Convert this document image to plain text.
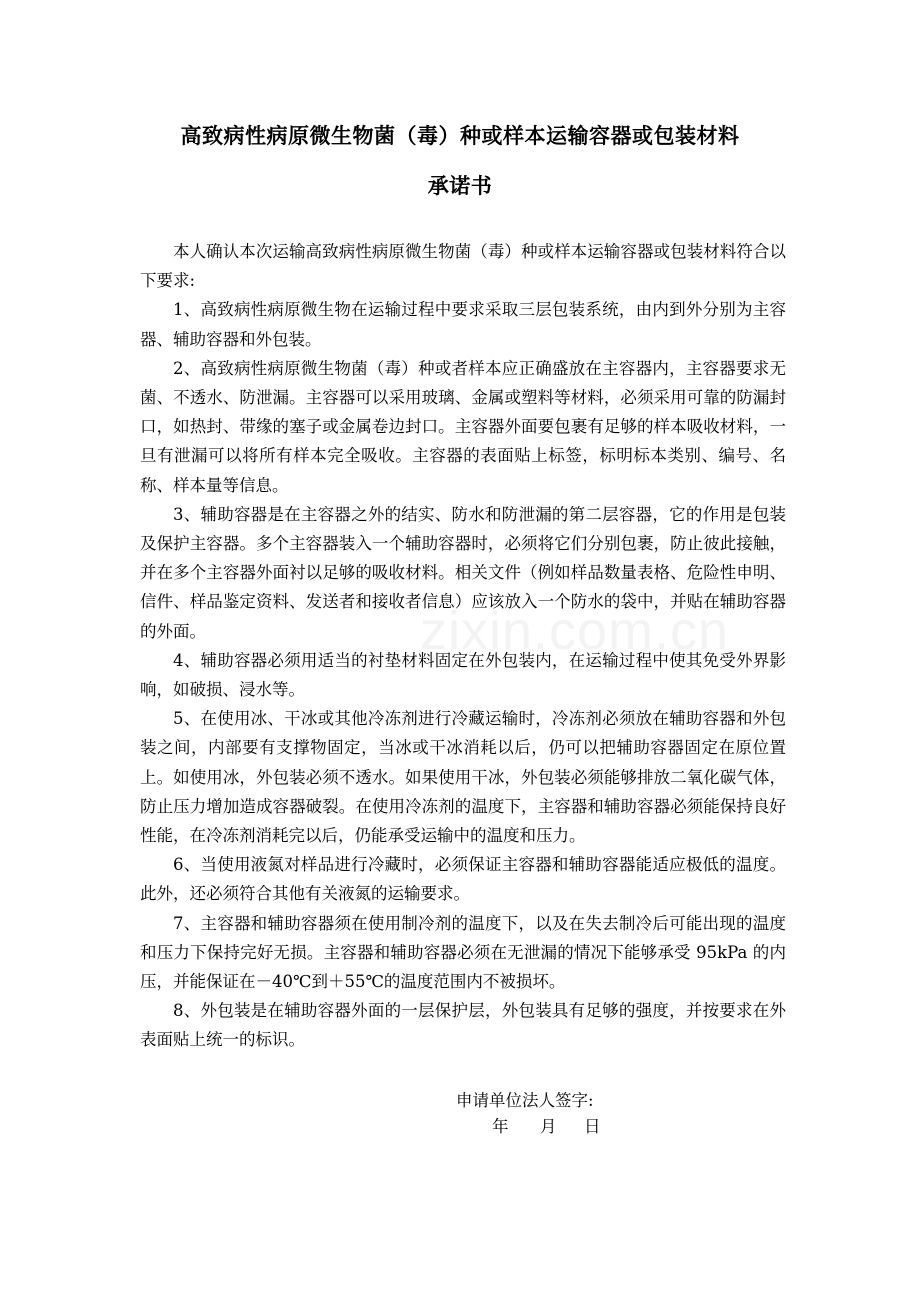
高致病性病原微生物菌（毒）种或样本运输容器或包装材料
承诺书

本人确认本次运输高致病性病原微生物菌（毒）种或样本运输容器或包装材料符合以下要求:

1、高致病性病原微生物在运输过程中要求采取三层包装系统，由内到外分别为主容器、辅助容器和外包装。

2、高致病性病原微生物菌（毒）种或者样本应正确盛放在主容器内，主容器要求无菌、不透水、防泄漏。主容器可以采用玻璃、金属或塑料等材料，必须采用可靠的防漏封口，如热封、带缘的塞子或金属卷边封口。主容器外面要包裹有足够的样本吸收材料，一旦有泄漏可以将所有样本完全吸收。主容器的表面贴上标签，标明标本类别、编号、名称、样本量等信息。

3、辅助容器是在主容器之外的结实、防水和防泄漏的第二层容器，它的作用是包装及保护主容器。多个主容器装入一个辅助容器时，必须将它们分别包裹，防止彼此接触，并在多个主容器外面衬以足够的吸收材料。相关文件（例如样品数量表格、危险性申明、信件、样品鉴定资料、发送者和接收者信息）应该放入一个防水的袋中，并贴在辅助容器的外面。

4、辅助容器必须用适当的衬垫材料固定在外包装内，在运输过程中使其免受外界影响，如破损、浸水等。

5、在使用冰、干冰或其他冷冻剂进行冷藏运输时，冷冻剂必须放在辅助容器和外包装之间，内部要有支撑物固定，当冰或干冰消耗以后，仍可以把辅助容器固定在原位置上。如使用冰，外包装必须不透水。如果使用干冰，外包装必须能够排放二氧化碳气体，防止压力增加造成容器破裂。在使用冷冻剂的温度下，主容器和辅助容器必须能保持良好性能，在冷冻剂消耗完以后，仍能承受运输中的温度和压力。

6、当使用液氮对样品进行冷藏时，必须保证主容器和辅助容器能适应极低的温度。此外，还必须符合其他有关液氮的运输要求。

7、主容器和辅助容器须在使用制冷剂的温度下，以及在失去制冷后可能出现的温度和压力下保持完好无损。主容器和辅助容器必须在无泄漏的情况下能够承受 95kPa 的内压，并能保证在－40℃到＋55℃的温度范围内不被损坏。

8、外包装是在辅助容器外面的一层保护层，外包装具有足够的强度，并按要求在外表面贴上统一的标识。

申请单位法人签字:
年 月 日
zixin.com.cn
